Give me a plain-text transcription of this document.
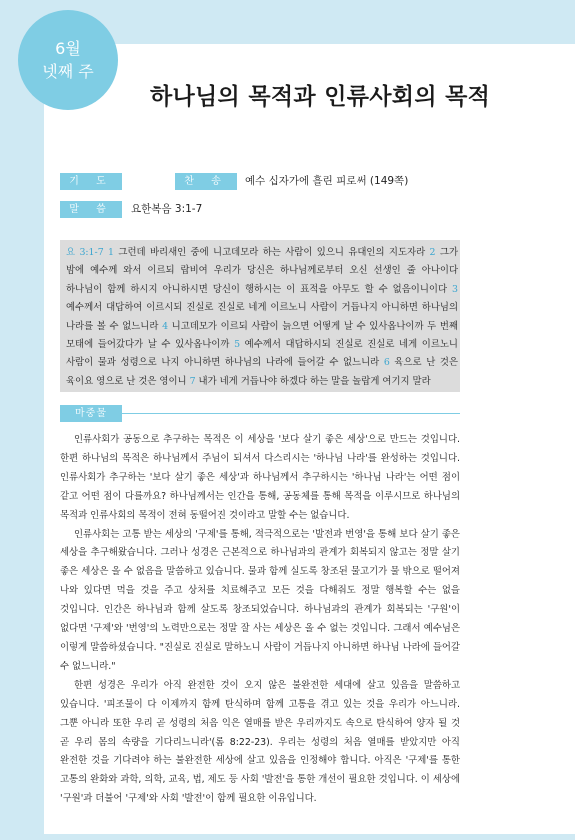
6월
넷째 주
하나님의 목적과 인류사회의 목적
기 도	찬 송	예수 십자가에 흘린 피로써 (149쪽)
말 씀	요한복음 3:1-7
요 3:1-7 1 그런데 바리새인 중에 니고데모라 하는 사람이 있으니 유대인의 지도자라 2 그가 밤에 예수께 와서 이르되 랍비여 우리가 당신은 하나님께로부터 오신 선생인 줄 아나이다 하나님이 함께 하시지 아니하시면 당신이 행하시는 이 표적을 아무도 할 수 없음이니이다 3 예수께서 대답하여 이르시되 진실로 진실로 네게 이르노니 사람이 거듭나지 아니하면 하나님의 나라를 볼 수 없느니라 4 니고데모가 이르되 사람이 늙으면 어떻게 날 수 있사옵나이까 두 번째 모태에 들어갔다가 날 수 있사옵나이까 5 예수께서 대답하시되 진실로 진실로 네게 이르노니 사람이 물과 성령으로 나지 아니하면 하나님의 나라에 들어갈 수 없느니라 6 육으로 난 것은 육이요 영으로 난 것은 영이니 7 내가 네게 거듭나야 하겠다 하는 말을 놀랍게 여기지 말라
마중물

인류사회가 공동으로 추구하는 목적은 이 세상을 '보다 살기 좋은 세상'으로 만드는 것입니다. 한편 하나님의 목적은 하나님께서 주님이 되셔서 다스리시는 '하나님 나라'를 완성하는 것입니다. 인류사회가 추구하는 '보다 살기 좋은 세상'과 하나님께서 추구하시는 '하나님 나라'는 어떤 점이 같고 어떤 점이 다를까요? 하나님께서는 인간을 통해, 공동체를 통해 목적을 이루시므로 하나님의 목적과 인류사회의 목적이 전혀 동떨어진 것이라고 말할 수는 없습니다.

인류사회는 고통 받는 세상의 '구제'를 통해, 적극적으로는 '발전과 번영'을 통해 보다 살기 좋은 세상을 추구해왔습니다. 그러나 성경은 근본적으로 하나님과의 관계가 회복되지 않고는 정말 살기 좋은 세상은 올 수 없음을 말씀하고 있습니다. 물과 함께 실도록 창조된 물고기가 물 밖으로 떨어져 나와 있다면 먹을 것을 주고 상처를 치료해주고 모든 것을 다해줘도 정말 행복할 수는 없을 것입니다. 인간은 하나님과 함께 살도록 창조되었습니다. 하나님과의 관계가 회복되는 '구원'이 없다면 '구제'와 '번영'의 노력만으로는 정말 잘 사는 세상은 올 수 없는 것입니다. 그래서 예수님은 이렇게 말씀하셨습니다. "진실로 진실로 말하노니 사람이 거듭나지 아니하면 하나님 나라에 들어갈 수 없느니라."

한편 성경은 우리가 아직 완전한 것이 오지 않은 불완전한 세대에 살고 있음을 말씀하고 있습니다. '피조물이 다 이제까지 함께 탄식하며 함께 고통을 겪고 있는 것을 우리가 아느니라. 그뿐 아니라 또한 우리 곧 성령의 처음 익은 열매를 받은 우리까지도 속으로 탄식하여 양자 될 것 곧 우리 몸의 속량을 기다리느니라'(롬 8:22-23). 우리는 성령의 처음 열매를 받았지만 아직 완전한 것을 기다려야 하는 불완전한 세상에 살고 있음을 인정해야 합니다. 아직은 '구제'를 통한 고통의 완화와 과학, 의학, 교육, 법, 제도 등 사회 '발전'을 통한 개선이 필요한 것입니다. 이 세상에 '구원'과 더불어 '구제'와 사회 '발전'이 함께 필요한 이유입니다.
